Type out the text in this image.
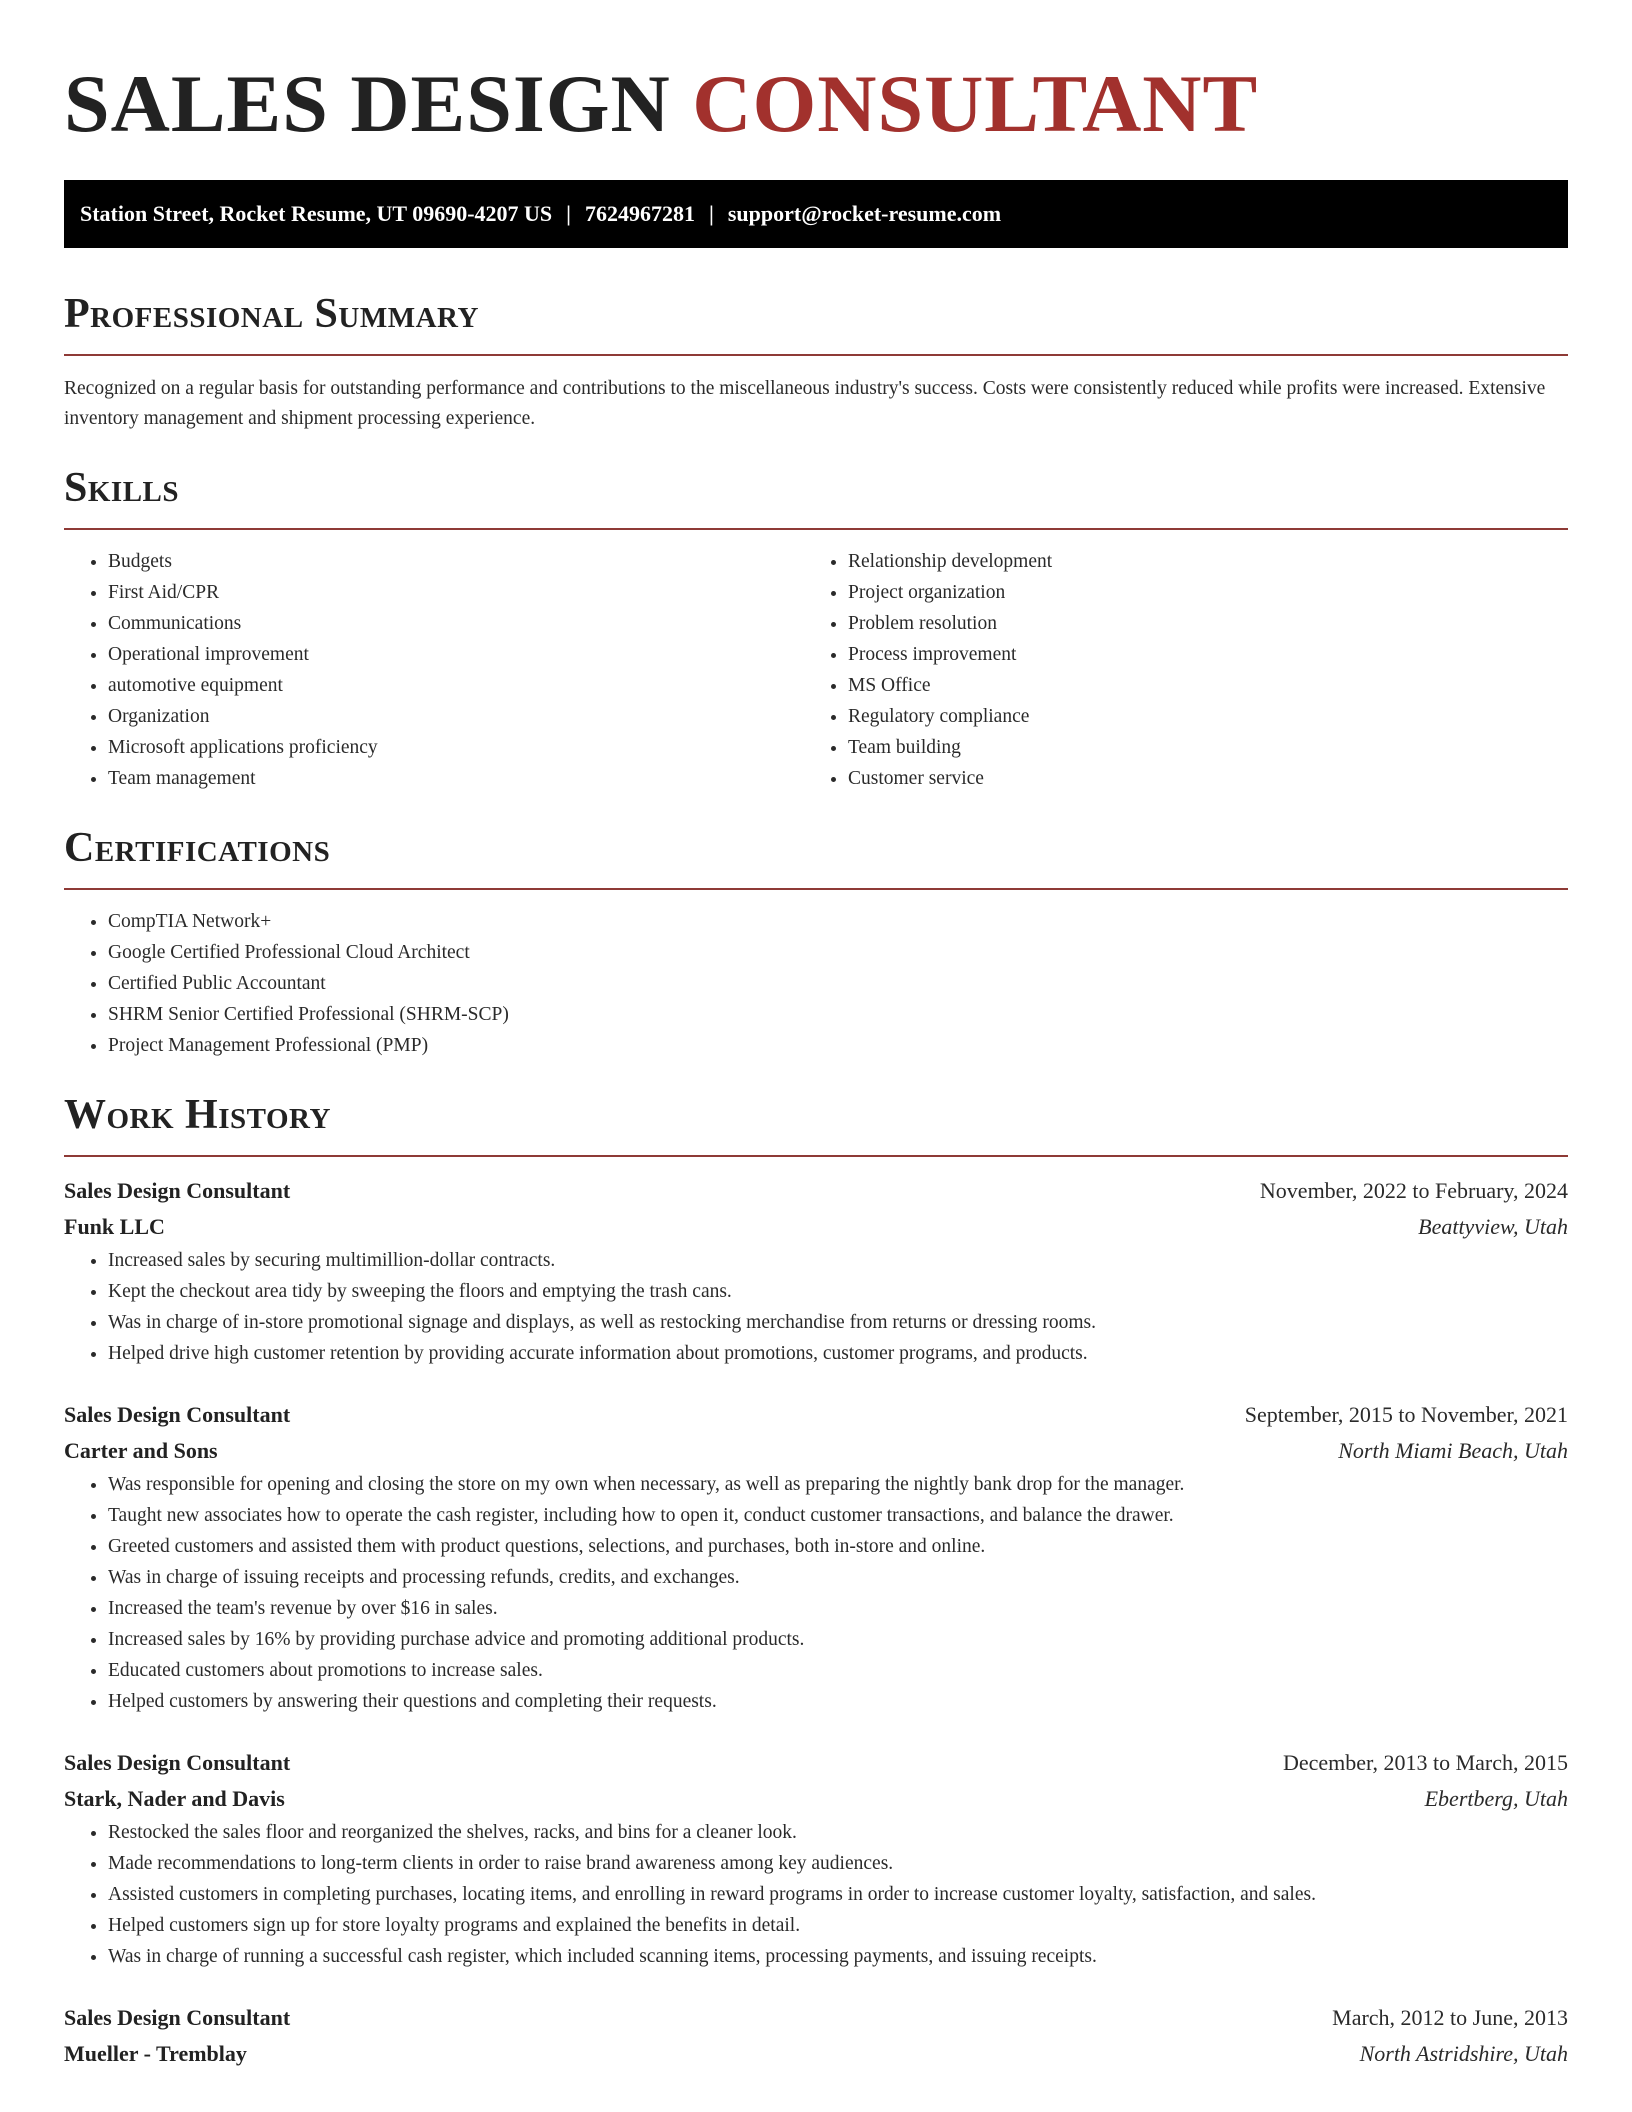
SALES DESIGN CONSULTANT
Station Street, Rocket Resume, UT 09690-4207 US | 7624967281 | support@rocket-resume.com
Professional Summary

Recognized on a regular basis for outstanding performance and contributions to the miscellaneous industry's success. Costs were consistently reduced while profits were increased. Extensive inventory management and shipment processing experience.

Skills
• Budgets
• First Aid/CPR
• Communications
• Operational improvement
• automotive equipment
• Organization
• Microsoft applications proficiency
• Team management
• Relationship development
• Project organization
• Problem resolution
• Process improvement
• MS Office
• Regulatory compliance
• Team building
• Customer service
Certifications
• CompTIA Network+
• Google Certified Professional Cloud Architect
• Certified Public Accountant
• SHRM Senior Certified Professional (SHRM-SCP)
• Project Management Professional (PMP)
Work History
Sales Design Consultant	November, 2022 to February, 2024
Funk LLC	Beattyview, Utah
• Increased sales by securing multimillion-dollar contracts.
• Kept the checkout area tidy by sweeping the floors and emptying the trash cans.
• Was in charge of in-store promotional signage and displays, as well as restocking merchandise from returns or dressing rooms.
• Helped drive high customer retention by providing accurate information about promotions, customer programs, and products.
Sales Design Consultant	September, 2015 to November, 2021
Carter and Sons	North Miami Beach, Utah
• Was responsible for opening and closing the store on my own when necessary, as well as preparing the nightly bank drop for the manager.
• Taught new associates how to operate the cash register, including how to open it, conduct customer transactions, and balance the drawer.
• Greeted customers and assisted them with product questions, selections, and purchases, both in-store and online.
• Was in charge of issuing receipts and processing refunds, credits, and exchanges.
• Increased the team's revenue by over $16 in sales.
• Increased sales by 16% by providing purchase advice and promoting additional products.
• Educated customers about promotions to increase sales.
• Helped customers by answering their questions and completing their requests.
Sales Design Consultant	December, 2013 to March, 2015
Stark, Nader and Davis	Ebertberg, Utah
• Restocked the sales floor and reorganized the shelves, racks, and bins for a cleaner look.
• Made recommendations to long-term clients in order to raise brand awareness among key audiences.
• Assisted customers in completing purchases, locating items, and enrolling in reward programs in order to increase customer loyalty, satisfaction, and sales.
• Helped customers sign up for store loyalty programs and explained the benefits in detail.
• Was in charge of running a successful cash register, which included scanning items, processing payments, and issuing receipts.
Sales Design Consultant	March, 2012 to June, 2013
Mueller - Tremblay	North Astridshire, Utah
